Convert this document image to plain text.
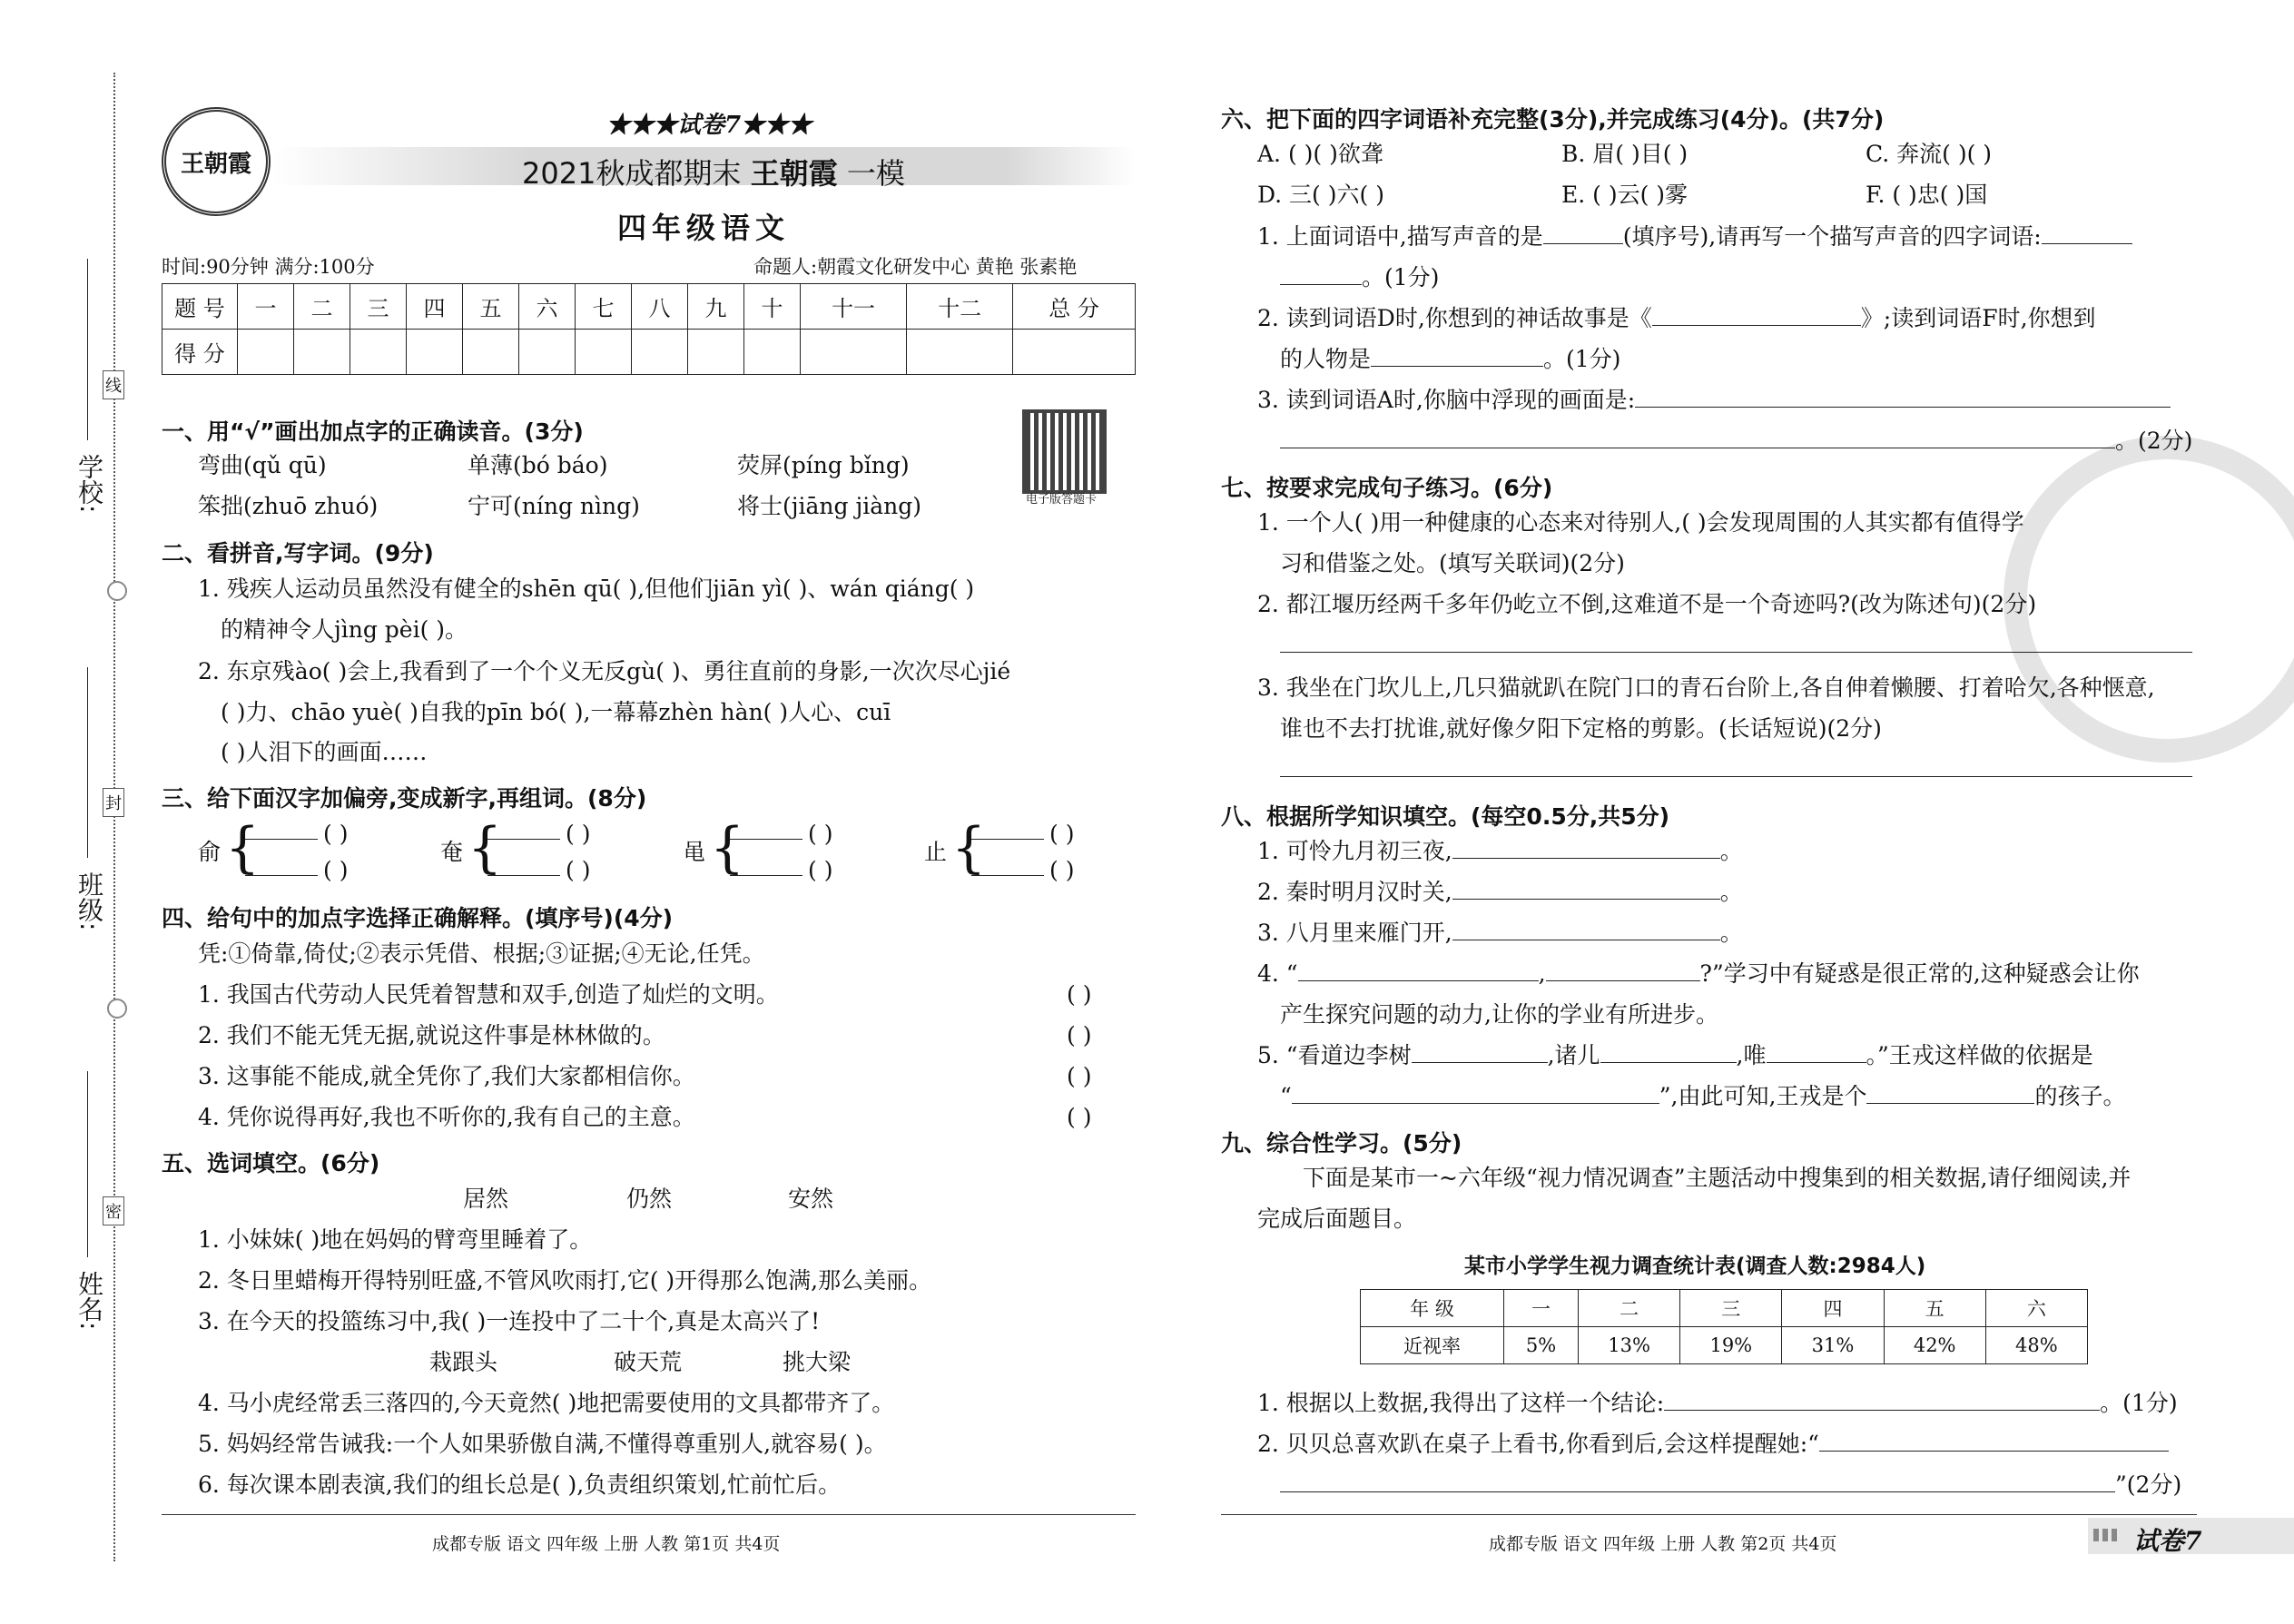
学校:
班级:
姓名:
线
封
密
王朝霞
★★★试卷7★★★
2021秋成都期末 王朝霞 一模
四年级语文
时间:90分钟 满分:100分	命题人:朝霞文化研发中心 黄艳 张素艳
题 号	一	二	三	四	五	六	七	八	九	十	十一	十二	总 分
得 分													
电子版答题卡
一、用“√”画出加点字的正确读音。(3分)
弯曲(qǔ qū)	单薄(bó báo)	荧屏(píng bǐng)
笨拙(zhuō zhuó)	宁可(níng nìng)	将士(jiāng jiàng)
二、看拼音,写字词。(9分)
1. 残疾人运动员虽然没有健全的shēn qū( ),但他们jiān yì( )、wán qiáng( )
的精神令人jìng pèi( )。
2. 东京残ào( )会上,我看到了一个个义无反gù( )、勇往直前的身影,一次次尽心jié
( )力、chāo yuè( )自我的pīn bó( ),一幕幕zhèn hàn( )人心、cuī
( )人泪下的画面……
三、给下面汉字加偏旁,变成新字,再组词。(8分)
俞 {	( )
( )
奄 {	( )
( )
黾 {	( )
( )
止 {	( )
( )
四、给句中的加点字选择正确解释。(填序号)(4分)
凭:①倚靠,倚仗;②表示凭借、根据;③证据;④无论,任凭。
1. 我国古代劳动人民凭着智慧和双手,创造了灿烂的文明。	( )
2. 我们不能无凭无据,就说这件事是林林做的。	( )
3. 这事能不能成,就全凭你了,我们大家都相信你。	( )
4. 凭你说得再好,我也不听你的,我有自己的主意。	( )
五、选词填空。(6分)
居然	仍然	安然
1. 小妹妹( )地在妈妈的臂弯里睡着了。
2. 冬日里蜡梅开得特别旺盛,不管风吹雨打,它( )开得那么饱满,那么美丽。
3. 在今天的投篮练习中,我( )一连投中了二十个,真是太高兴了!
栽跟头	破天荒	挑大梁
4. 马小虎经常丢三落四的,今天竟然( )地把需要使用的文具都带齐了。
5. 妈妈经常告诫我:一个人如果骄傲自满,不懂得尊重别人,就容易( )。
6. 每次课本剧表演,我们的组长总是( ),负责组织策划,忙前忙后。
成都专版 语文 四年级 上册 人教 第1页 共4页
六、把下面的四字词语补充完整(3分),并完成练习(4分)。(共7分)
A. ( )( )欲聋	B. 眉( )目( )	C. 奔流( )( )
D. 三( )六( )	E. ( )云( )雾	F. ( )忠( )国
1. 上面词语中,描写声音的是	(填序号),请再写一个描写声音的四字词语:
。(1分)
2. 读到词语D时,你想到的神话故事是《	》;读到词语F时,你想到
的人物是	。(1分)
3. 读到词语A时,你脑中浮现的画面是:
。(2分)
七、按要求完成句子练习。(6分)
1. 一个人( )用一种健康的心态来对待别人,( )会发现周围的人其实都有值得学
习和借鉴之处。(填写关联词)(2分)
2. 都江堰历经两千多年仍屹立不倒,这难道不是一个奇迹吗?(改为陈述句)(2分)
3. 我坐在门坎儿上,几只猫就趴在院门口的青石台阶上,各自伸着懒腰、打着哈欠,各种惬意,
谁也不去打扰谁,就好像夕阳下定格的剪影。(长话短说)(2分)
八、根据所学知识填空。(每空0.5分,共5分)
1. 可怜九月初三夜,	。
2. 秦时明月汉时关,	。
3. 八月里来雁门开,	。
4. “	,	?”学习中有疑惑是很正常的,这种疑惑会让你
产生探究问题的动力,让你的学业有所进步。
5. “看道边李树	,诸儿	,唯	。”王戎这样做的依据是
“	”,由此可知,王戎是个	的孩子。
九、综合性学习。(5分)
下面是某市一~六年级“视力情况调查”主题活动中搜集到的相关数据,请仔细阅读,并
完成后面题目。
某市小学学生视力调查统计表(调查人数:2984人)
年 级	一	二	三	四	五	六
近视率	5%	13%	19%	31%	42%	48%
1. 根据以上数据,我得出了这样一个结论:	。(1分)
2. 贝贝总喜欢趴在桌子上看书,你看到后,会这样提醒她:“
”(2分)
成都专版 语文 四年级 上册 人教 第2页 共4页	试卷7
